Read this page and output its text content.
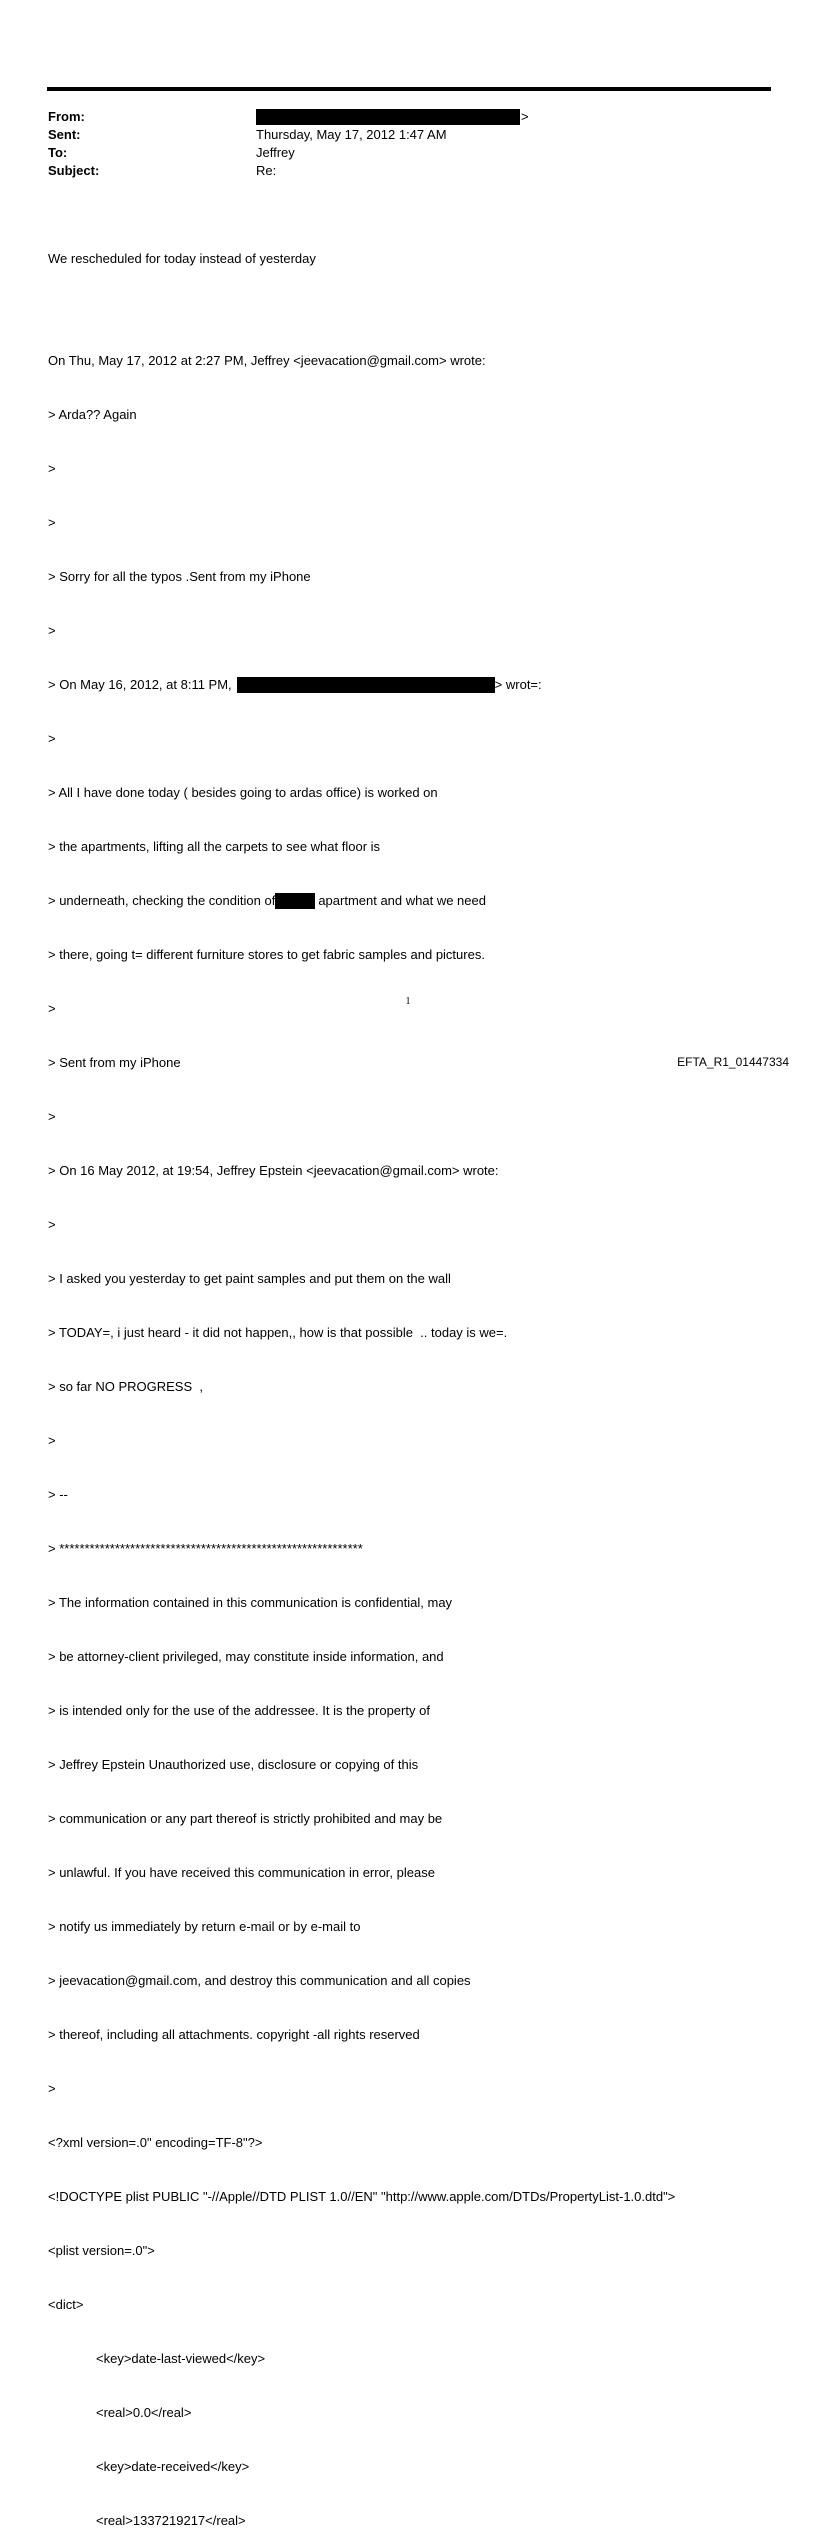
From:	>
Sent:	Thursday, May 17, 2012 1:47 AM
To:	Jeffrey
Subject:	Re:

We rescheduled for today instead of yesterday

On Thu, May 17, 2012 at 2:27 PM, Jeffrey <jeevacation@gmail.com> wrote:

> Arda?? Again

>

>

> Sorry for all the typos .Sent from my iPhone

>

> On May 16, 2012, at 8:11 PM,	> wrot=:

>

> All I have done today ( besides going to ardas office) is worked on

> the apartments, lifting all the carpets to see what floor is

> underneath, checking the condition of	apartment and what we need

> there, going t= different furniture stores to get fabric samples and pictures.

>

> Sent from my iPhone

>

> On 16 May 2012, at 19:54, Jeffrey Epstein <jeevacation@gmail.com> wrote:

>

> I asked you yesterday to get paint samples and put them on the wall

> TODAY=, i just heard - it did not happen,, how is that possible  .. today is we=.

> so far NO PROGRESS  ,

>

> --

> ************************************************************

> The information contained in this communication is confidential, may

> be attorney-client privileged, may constitute inside information, and

> is intended only for the use of the addressee. It is the property of

> Jeffrey Epstein Unauthorized use, disclosure or copying of this

> communication or any part thereof is strictly prohibited and may be

> unlawful. If you have received this communication in error, please

> notify us immediately by return e-mail or by e-mail to

> jeevacation@gmail.com, and destroy this communication and all copies

> thereof, including all attachments. copyright -all rights reserved

>

<?xml version=.0" encoding=TF-8"?>

<!DOCTYPE plist PUBLIC "-//Apple//DTD PLIST 1.0//EN" "http://www.apple.com/DTDs/PropertyList-1.0.dtd">

<plist version=.0">

<dict>

<key>date-last-viewed</key>

<real>0.0</real>

<key>date-received</key>

<real>1337219217</real>

1
EFTA_R1_01447334
